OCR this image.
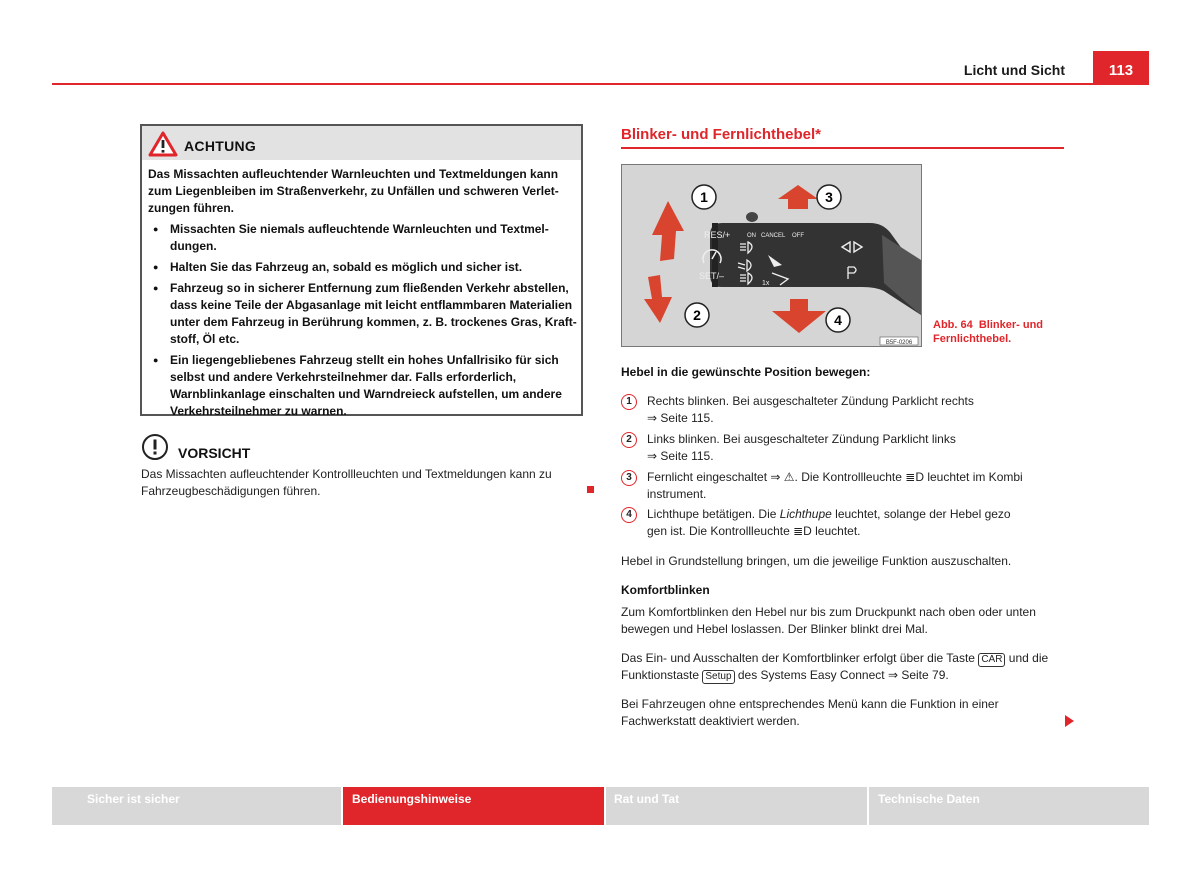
Licht und Sicht	113
ACHTUNG
Das Missachten aufleuchtender Warnleuchten und Textmeldungen kann zum Liegenbleiben im Straßenverkehr, zu Unfällen und schweren Verletzungen führen.
● Missachten Sie niemals aufleuchtende Warnleuchten und Textmeldungen.
● Halten Sie das Fahrzeug an, sobald es möglich und sicher ist.
● Fahrzeug so in sicherer Entfernung zum fließenden Verkehr abstellen, dass keine Teile der Abgasanlage mit leicht entflammbaren Materialien unter dem Fahrzeug in Berührung kommen, z. B. trockenes Gras, Kraftstoff, Öl etc.
● Ein liegengebliebenes Fahrzeug stellt ein hohes Unfallrisiko für sich selbst und andere Verkehrsteilnehmer dar. Falls erforderlich, Warnblinkanlage einschalten und Warndreieck aufstellen, um andere Verkehrsteilnehmer zu warnen.
VORSICHT
Das Missachten aufleuchtender Kontrollleuchten und Textmeldungen kann zu Fahrzeugbeschädigungen führen.
Blinker- und Fernlichthebel*
RES/+
SET/–
ON CANCEL OFF
1x
1	3
2	4
B5F-0206
Abb. 64 Blinker- und Fernlichthebel.
Hebel in die gewünschte Position bewegen:
1	Rechts blinken. Bei ausgeschalteter Zündung Parklicht rechts
⇒ Seite 115.
2	Links blinken. Bei ausgeschalteter Zündung Parklicht links
⇒ Seite 115.
3	Fernlicht eingeschaltet ⇒ ⚠. Die Kontrollleuchte ≣D leuchtet im Kombi
instrument.
4	Lichthupe betätigen. Die Lichthupe leuchtet, solange der Hebel gezo
gen ist. Die Kontrollleuchte ≣D leuchtet.
Hebel in Grundstellung bringen, um die jeweilige Funktion auszuschalten.
Komfortblinken
Zum Komfortblinken den Hebel nur bis zum Druckpunkt nach oben oder unten bewegen und Hebel loslassen. Der Blinker blinkt drei Mal.
Das Ein- und Ausschalten der Komfortblinker erfolgt über die Taste CAR und die Funktionstaste Setup des Systems Easy Connect ⇒ Seite 79.
Bei Fahrzeugen ohne entsprechendes Menü kann die Funktion in einer Fachwerkstatt deaktiviert werden.
Sicher ist sicher	Bedienungshinweise	Rat und Tat	Technische Daten
